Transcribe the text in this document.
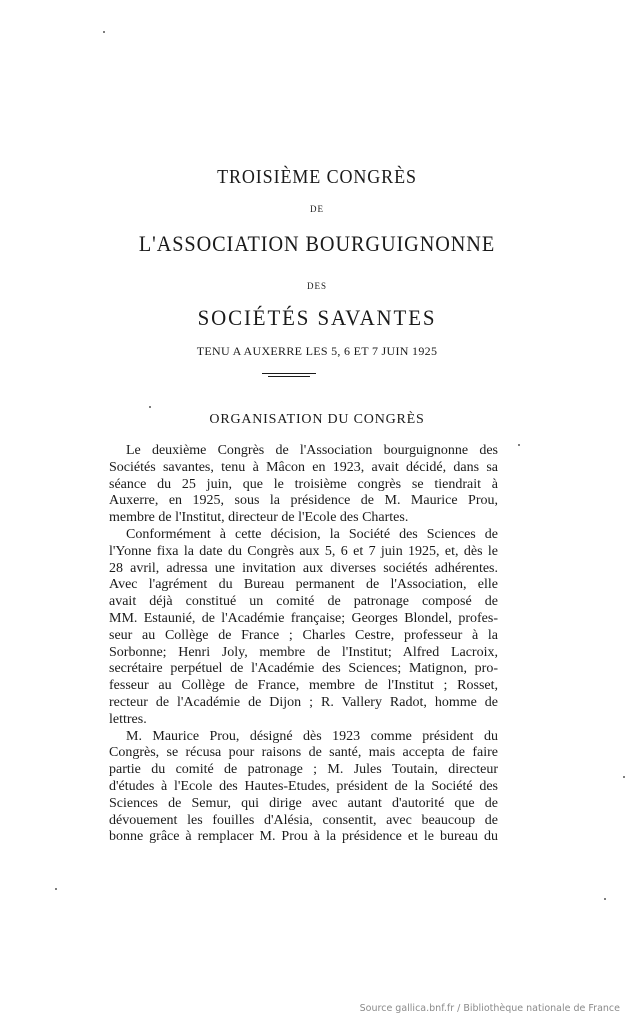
TROISIÈME CONGRÈS
DE
L'ASSOCIATION BOURGUIGNONNE
DES
SOCIÉTÉS SAVANTES
TENU A AUXERRE LES 5, 6 ET 7 JUIN 1925
ORGANISATION DU CONGRÈS
Le deuxième Congrès de l'Association bourguignonne des
Sociétés savantes, tenu à Mâcon en 1923, avait décidé, dans sa
séance du 25 juin, que le troisième congrès se tiendrait à
Auxerre, en 1925, sous la présidence de M. Maurice Prou,
membre de l'Institut, directeur de l'Ecole des Chartes.
Conformément à cette décision, la Société des Sciences de
l'Yonne fixa la date du Congrès aux 5, 6 et 7 juin 1925, et, dès le
28 avril, adressa une invitation aux diverses sociétés adhérentes.
Avec l'agrément du Bureau permanent de l'Association, elle
avait déjà constitué un comité de patronage composé de
MM. Estaunié, de l'Académie française; Georges Blondel, profes-
seur au Collège de France ; Charles Cestre, professeur à la
Sorbonne; Henri Joly, membre de l'Institut; Alfred Lacroix,
secrétaire perpétuel de l'Académie des Sciences; Matignon, pro-
fesseur au Collège de France, membre de l'Institut ; Rosset,
recteur de l'Académie de Dijon ; R. Vallery Radot, homme de
lettres.
M. Maurice Prou, désigné dès 1923 comme président du
Congrès, se récusa pour raisons de santé, mais accepta de faire
partie du comité de patronage ; M. Jules Toutain, directeur
d'études à l'Ecole des Hautes-Etudes, président de la Société des
Sciences de Semur, qui dirige avec autant d'autorité que de
dévouement les fouilles d'Alésia, consentit, avec beaucoup de
bonne grâce à remplacer M. Prou à la présidence et le bureau du
Source gallica.bnf.fr / Bibliothèque nationale de France
